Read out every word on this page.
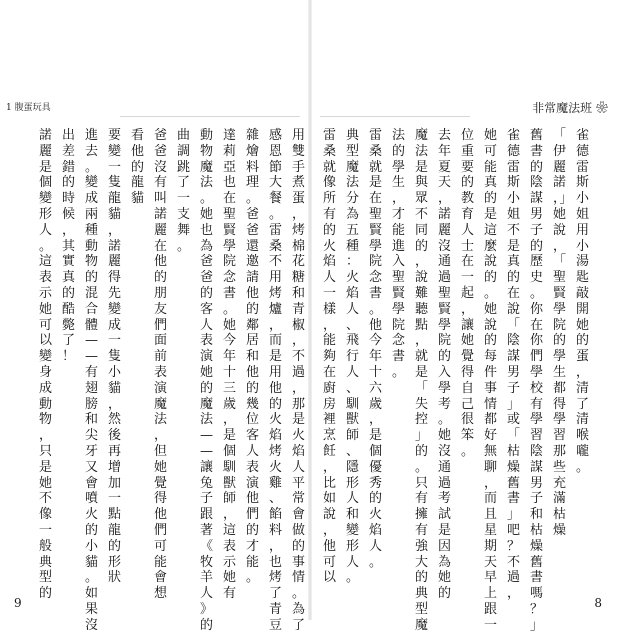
1 腹蛋玩具	非常魔法班 ❀
用雙手煮蛋，烤棉花糖和青椒，不過，那是火焰人平常會做的事情。為了
感恩節大餐。雷桑不用烤爐，而是用他的火焰烤火雞、餡料，也烤了青豆
雜燴料理。爸爸還邀請他的鄰居和他的幾位客人表演他們的才能。
達莉亞也在聖賢學院念書。她今年十三歲，是個馴獸師，這表示她有
動物魔法。她也為爸爸的客人表演她的魔法——讓兔子跟著《牧羊人》的
曲調跳了一支舞。
爸爸沒有叫諾麗在他的朋友們面前表演魔法，但她覺得他們可能會想
看他的龍貓
要變一隻龍貓，諾麗得先變成一隻小貓，然後再增加一點龍的形狀
進去。變成兩種動物的混合體——有翅膀和尖牙又會噴火的小貓。如果沒
出差錯的時候，其實真的酷斃了！
諾麗是個變形人。這表示她可以變身成動物，只是她不像一般典型的
雀德雷斯小姐用小湯匙敲開她的蛋，清了清喉嚨。
「伊麗諾，」她說，「聖賢學院的學生都得學習那些充滿枯燥
舊書的陰謀男子的歷史。你在你們學校有學習陰謀男子和枯燥舊書嗎？」
雀德雷斯小姐不是真的在說「陰謀男子」或「枯燥舊書」吧？不過，
她可能真的是這麼說的。她說的每件事情都好無聊，而且星期天早上跟一
位重要的教育人士在一起，讓她覺得自己很笨。
去年夏天，諾麗沒通過聖賢學院的入學考。她沒通過考試是因為她的
魔法是與眾不同的，說難聽點，就是「失控」的。只有擁有強大的典型魔
法的學生，才能進入聖賢學院念書。
雷桑就是在聖賢學院念書。他今年十六歲，是個優秀的火焰人。
典型魔法分為五種：火焰人、飛行人、馴獸師、隱形人和變形人。
雷桑就像所有的火焰人一樣，能夠在廚房裡烹飪，比如說，他可以
9	8
